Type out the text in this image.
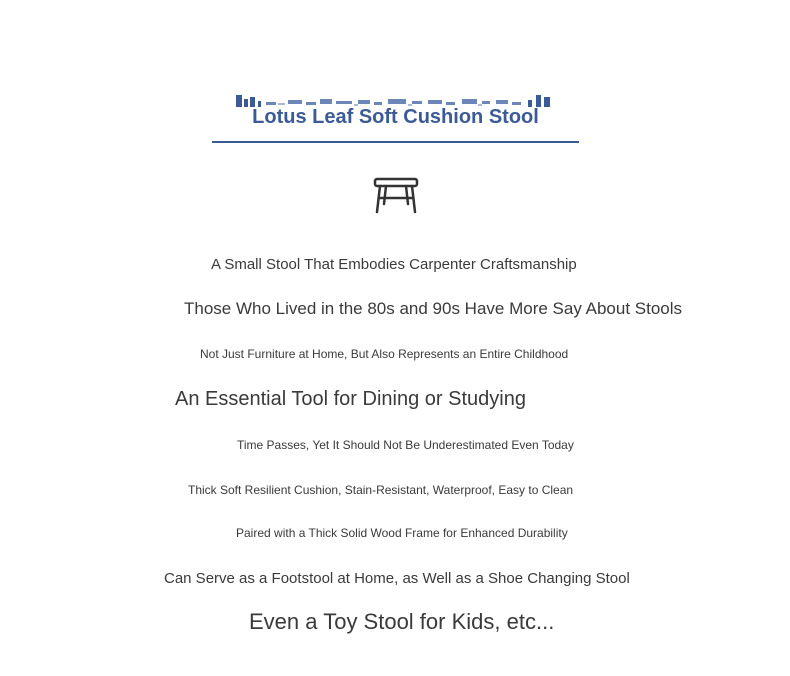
Lotus Leaf Soft Cushion Stool
A Small Stool That Embodies Carpenter Craftsmanship
Those Who Lived in the 80s and 90s Have More Say About Stools
Not Just Furniture at Home, But Also Represents an Entire Childhood
An Essential Tool for Dining or Studying
Time Passes, Yet It Should Not Be Underestimated Even Today
Thick Soft Resilient Cushion, Stain-Resistant, Waterproof, Easy to Clean
Paired with a Thick Solid Wood Frame for Enhanced Durability
Can Serve as a Footstool at Home, as Well as a Shoe Changing Stool
Even a Toy Stool for Kids, etc...
